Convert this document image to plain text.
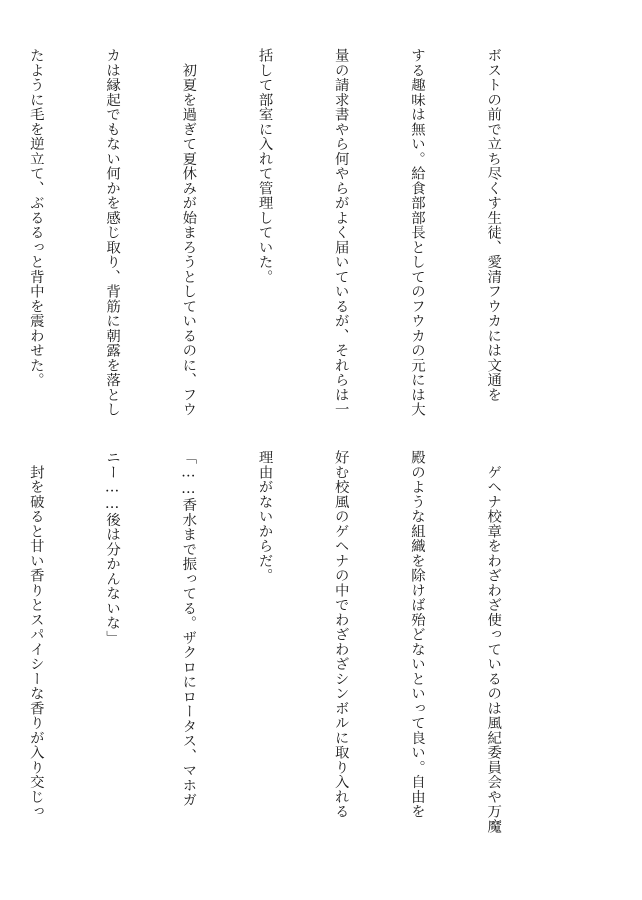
ボストの前で立ち尽くす生徒、愛清フウカには文通を

する趣味は無い。給食部部長としてのフウカの元には大

量の請求書やら何やらがよく届いているが、それらは一

括して部室に入れて管理していた。

　初夏を過ぎて夏休みが始まろうとしているのに、フウ

カは縁起でもない何かを感じ取り、背筋に朝露を落とし

たように毛を逆立て、ぶるるっと背中を震わせた。

　ゲヘナ校章をわざわざ使っているのは風紀委員会や万魔

殿のような組織を除けば殆どないといって良い。自由を

好む校風のゲヘナの中でわざわざシンボルに取り入れる

理由がないからだ。

「……香水まで振ってる。ザクロにロータス、マホガ

ニー……後は分かんないな」

　封を破ると甘い香りとスパイシーな香りが入り交じっ
